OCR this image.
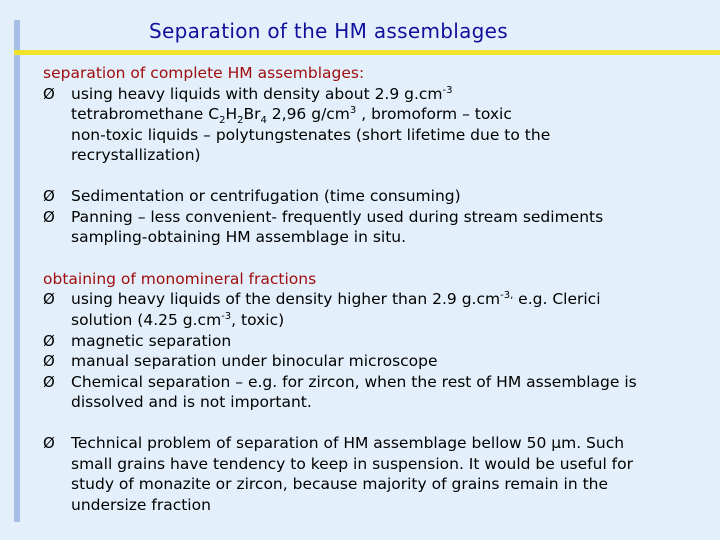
Separation of the HM assemblages
separation of complete HM assemblages:
Ø	using heavy liquids with density about 2.9 $g.cm^{-3}$
tetrabromethane $C_2H_2Br_4$ 2,96 $g/cm^3$ , bromoform – toxic
non-toxic liquids – polytungstenates (short lifetime due to the
recrystallization)
Ø	Sedimentation or centrifugation (time consuming)
Ø	Panning – less convenient- frequently used during stream sediments
sampling-obtaining HM assemblage in situ.
obtaining of monomineral fractions
Ø	using heavy liquids of the density higher than 2.9 $g.cm^{-3,}$ e.g. Clerici
solution (4.25 $g.cm^{-3}$, toxic)
Ø	magnetic separation
Ø	manual separation under binocular microscope
Ø	Chemical separation – e.g. for zircon, when the rest of HM assemblage is
dissolved and is not important.
Ø	Technical problem of separation of HM assemblage bellow 50 µm. Such
small grains have tendency to keep in suspension. It would be useful for
study of monazite or zircon, because majority of grains remain in the
undersize fraction
